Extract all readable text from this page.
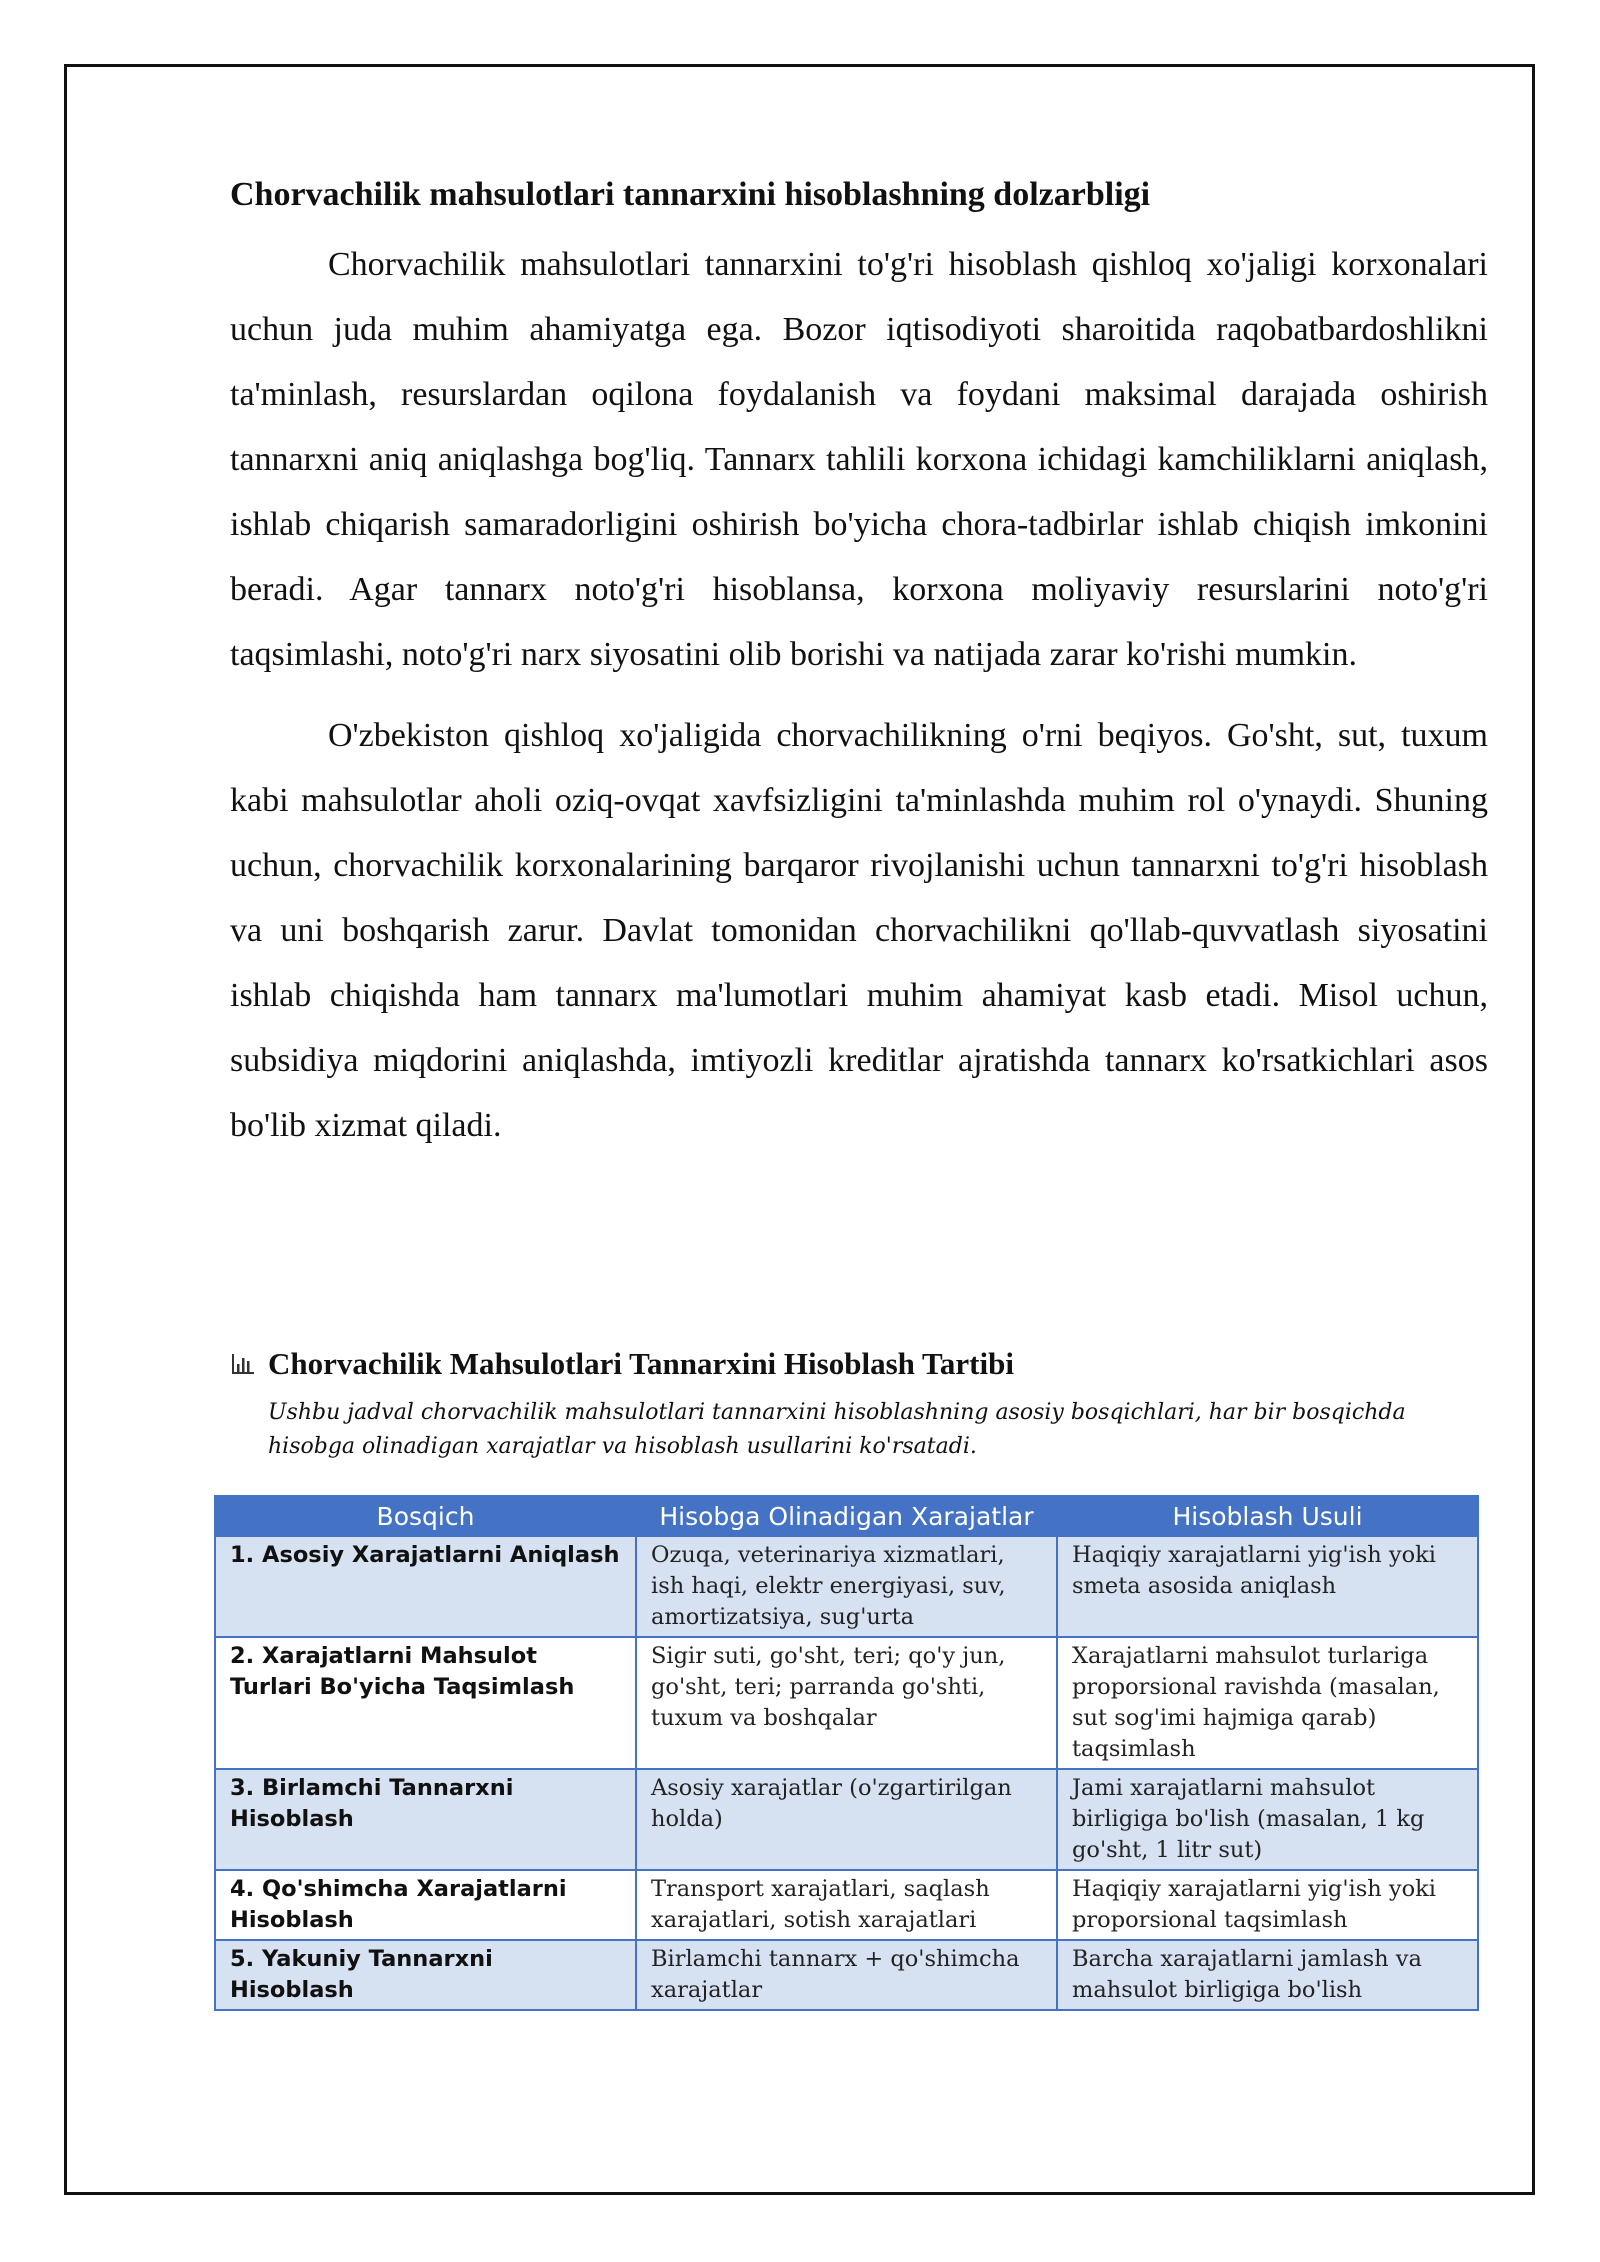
Chorvachilik mahsulotlari tannarxini hisoblashning dolzarbligi

Chorvachilik mahsulotlari tannarxini to'g'ri hisoblash qishloq xo'jaligi korxonalari uchun juda muhim ahamiyatga ega. Bozor iqtisodiyoti sharoitida raqobatbardoshlikni ta'minlash, resurslardan oqilona foydalanish va foydani maksimal darajada oshirish tannarxni aniq aniqlashga bog'liq. Tannarx tahlili korxona ichidagi kamchiliklarni aniqlash, ishlab chiqarish samaradorligini oshirish bo'yicha chora-tadbirlar ishlab chiqish imkonini beradi. Agar tannarx noto'g'ri hisoblansa, korxona moliyaviy resurslarini noto'g'ri taqsimlashi, noto'g'ri narx siyosatini olib borishi va natijada zarar ko'rishi mumkin.

O'zbekiston qishloq xo'jaligida chorvachilikning o'rni beqiyos. Go'sht, sut, tuxum kabi mahsulotlar aholi oziq-ovqat xavfsizligini ta'minlashda muhim rol o'ynaydi. Shuning uchun, chorvachilik korxonalarining barqaror rivojlanishi uchun tannarxni to'g'ri hisoblash va uni boshqarish zarur. Davlat tomonidan chorvachilikni qo'llab-quvvatlash siyosatini ishlab chiqishda ham tannarx ma'lumotlari muhim ahamiyat kasb etadi. Misol uchun, subsidiya miqdorini aniqlashda, imtiyozli kreditlar ajratishda tannarx ko'rsatkichlari asos bo'lib xizmat qiladi.

Chorvachilik Mahsulotlari Tannarxini Hisoblash Tartibi
Ushbu jadval chorvachilik mahsulotlari tannarxini hisoblashning asosiy bosqichlari, har bir bosqichda hisobga olinadigan xarajatlar va hisoblash usullarini ko'rsatadi.
Bosqich	Hisobga Olinadigan Xarajatlar	Hisoblash Usuli
1. Asosiy Xarajatlarni Aniqlash	Ozuqa, veterinariya xizmatlari, ish haqi, elektr energiyasi, suv, amortizatsiya, sug'urta	Haqiqiy xarajatlarni yig'ish yoki smeta asosida aniqlash
2. Xarajatlarni Mahsulot Turlari Bo'yicha Taqsimlash	Sigir suti, go'sht, teri; qo'y jun, go'sht, teri; parranda go'shti, tuxum va boshqalar	Xarajatlarni mahsulot turlariga proporsional ravishda (masalan, sut sog'imi hajmiga qarab) taqsimlash
3. Birlamchi Tannarxni Hisoblash	Asosiy xarajatlar (o'zgartirilgan holda)	Jami xarajatlarni mahsulot birligiga bo'lish (masalan, 1 kg go'sht, 1 litr sut)
4. Qo'shimcha Xarajatlarni Hisoblash	Transport xarajatlari, saqlash xarajatlari, sotish xarajatlari	Haqiqiy xarajatlarni yig'ish yoki proporsional taqsimlash
5. Yakuniy Tannarxni Hisoblash	Birlamchi tannarx + qo'shimcha xarajatlar	Barcha xarajatlarni jamlash va mahsulot birligiga bo'lish
